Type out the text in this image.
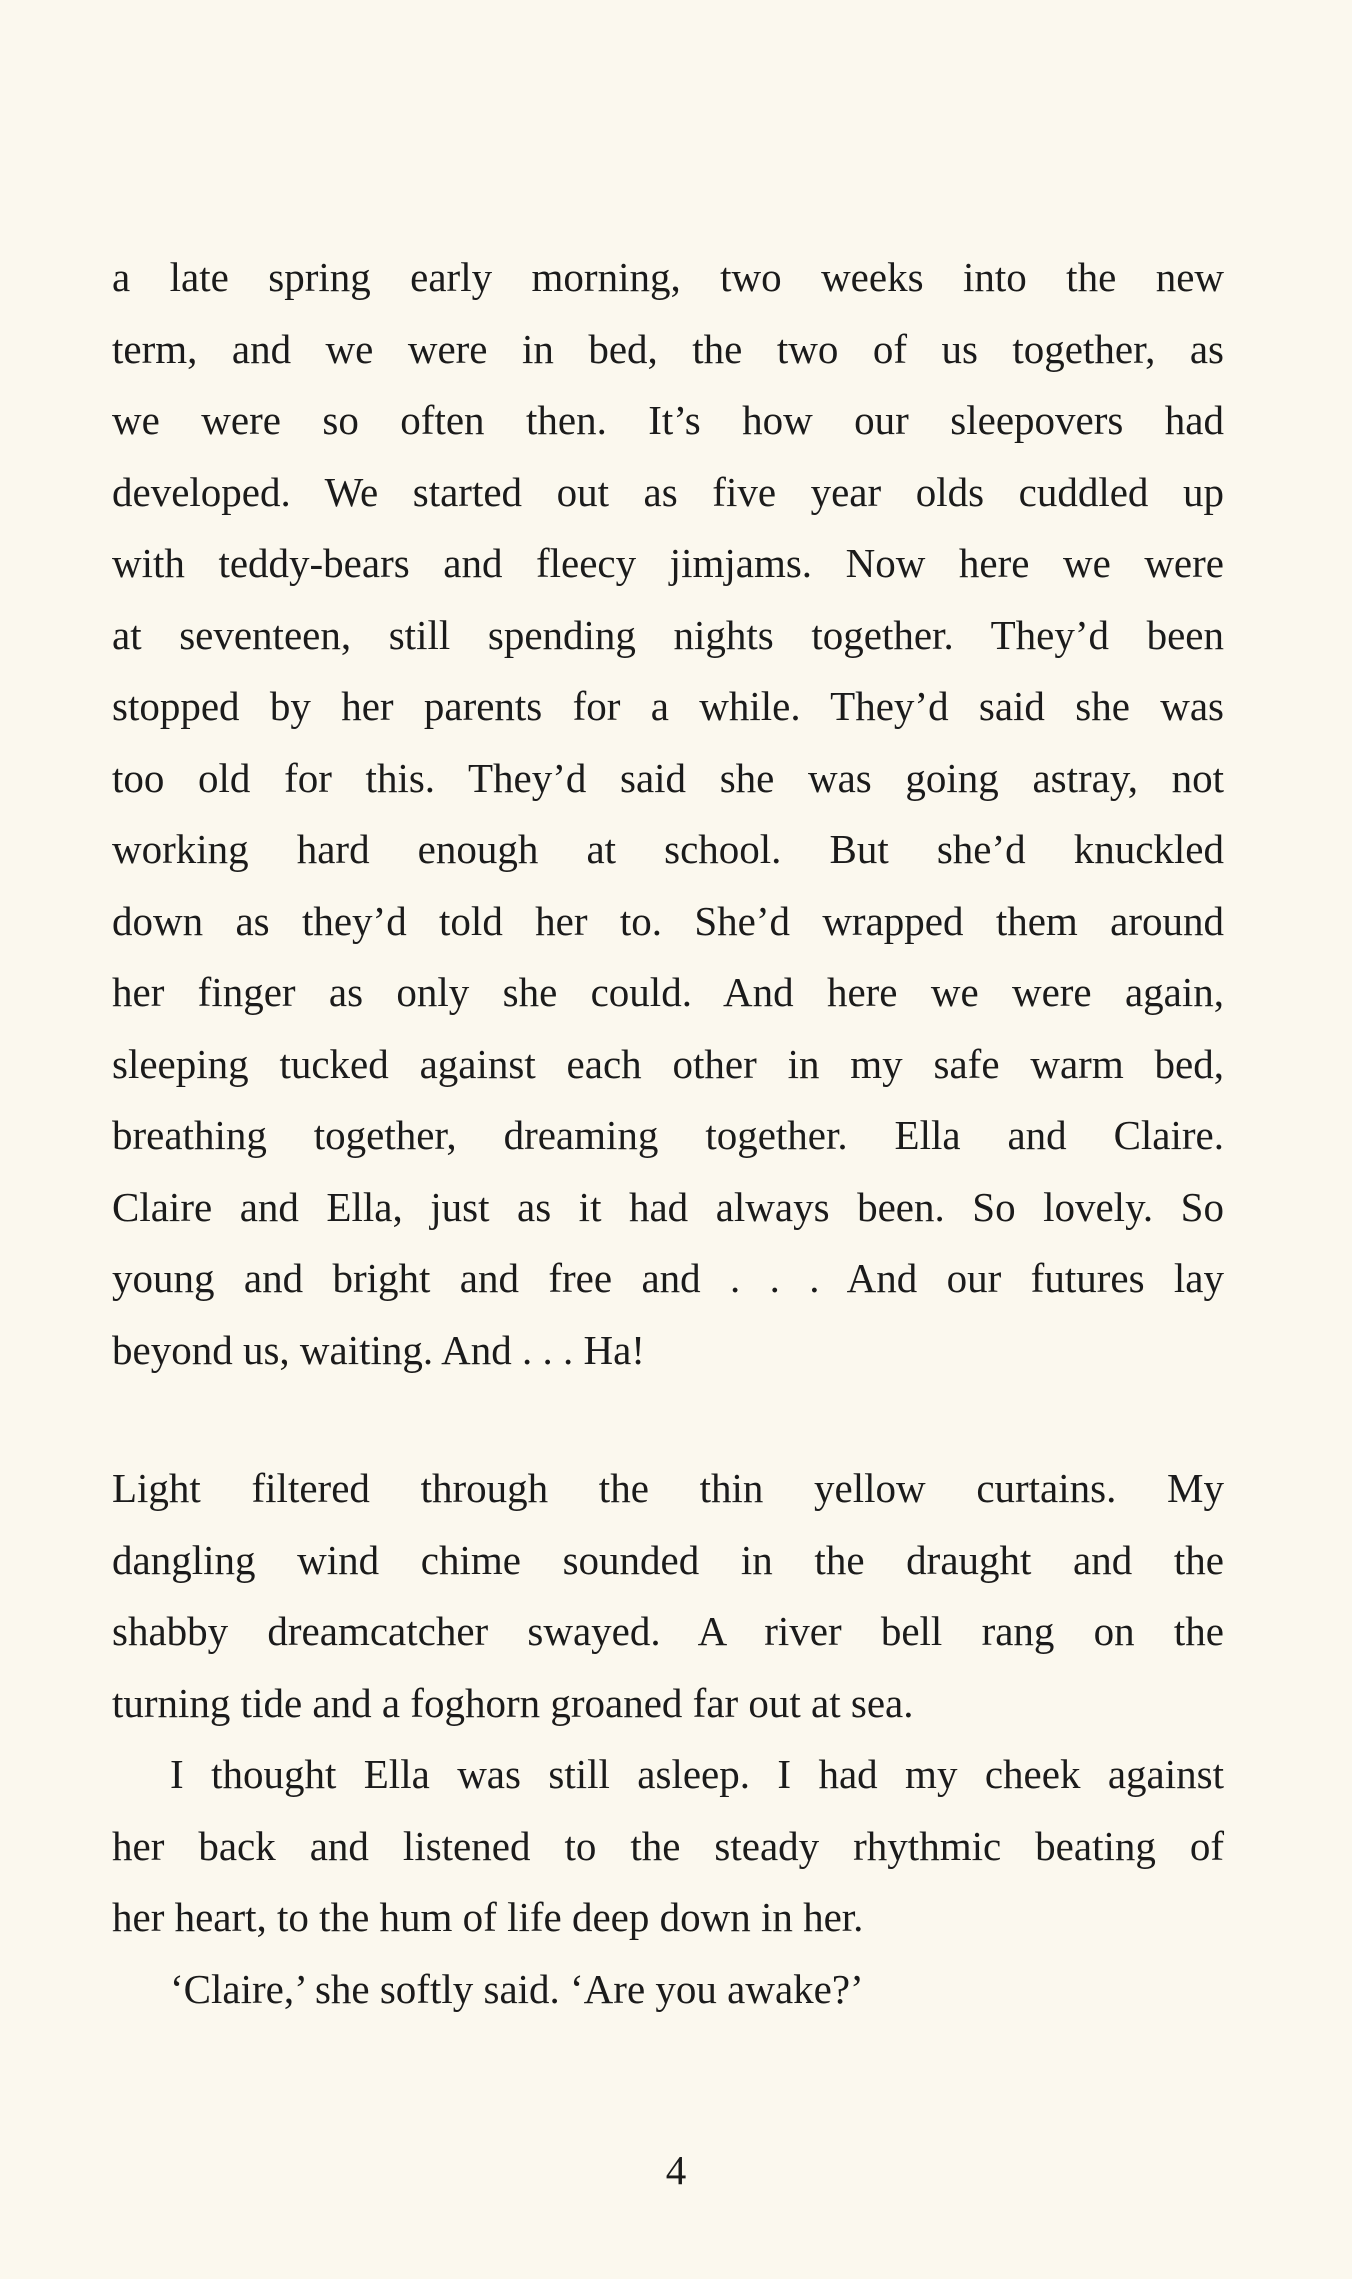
a late spring early morning, two weeks into the new
term, and we were in bed, the two of us together, as
we were so often then. It’s how our sleepovers had
developed. We started out as five year olds cuddled up
with teddy-bears and fleecy jimjams. Now here we were
at seventeen, still spending nights together. They’d been
stopped by her parents for a while. They’d said she was
too old for this. They’d said she was going astray, not
working hard enough at school. But she’d knuckled
down as they’d told her to. She’d wrapped them around
her finger as only she could. And here we were again,
sleeping tucked against each other in my safe warm bed,
breathing together, dreaming together. Ella and Claire.
Claire and Ella, just as it had always been. So lovely. So
young and bright and free and . . . And our futures lay
beyond us, waiting. And . . . Ha!
Light filtered through the thin yellow curtains. My
dangling wind chime sounded in the draught and the
shabby dreamcatcher swayed. A river bell rang on the
turning tide and a foghorn groaned far out at sea.
I thought Ella was still asleep. I had my cheek against
her back and listened to the steady rhythmic beating of
her heart, to the hum of life deep down in her.
‘Claire,’ she softly said. ‘Are you awake?’
4
